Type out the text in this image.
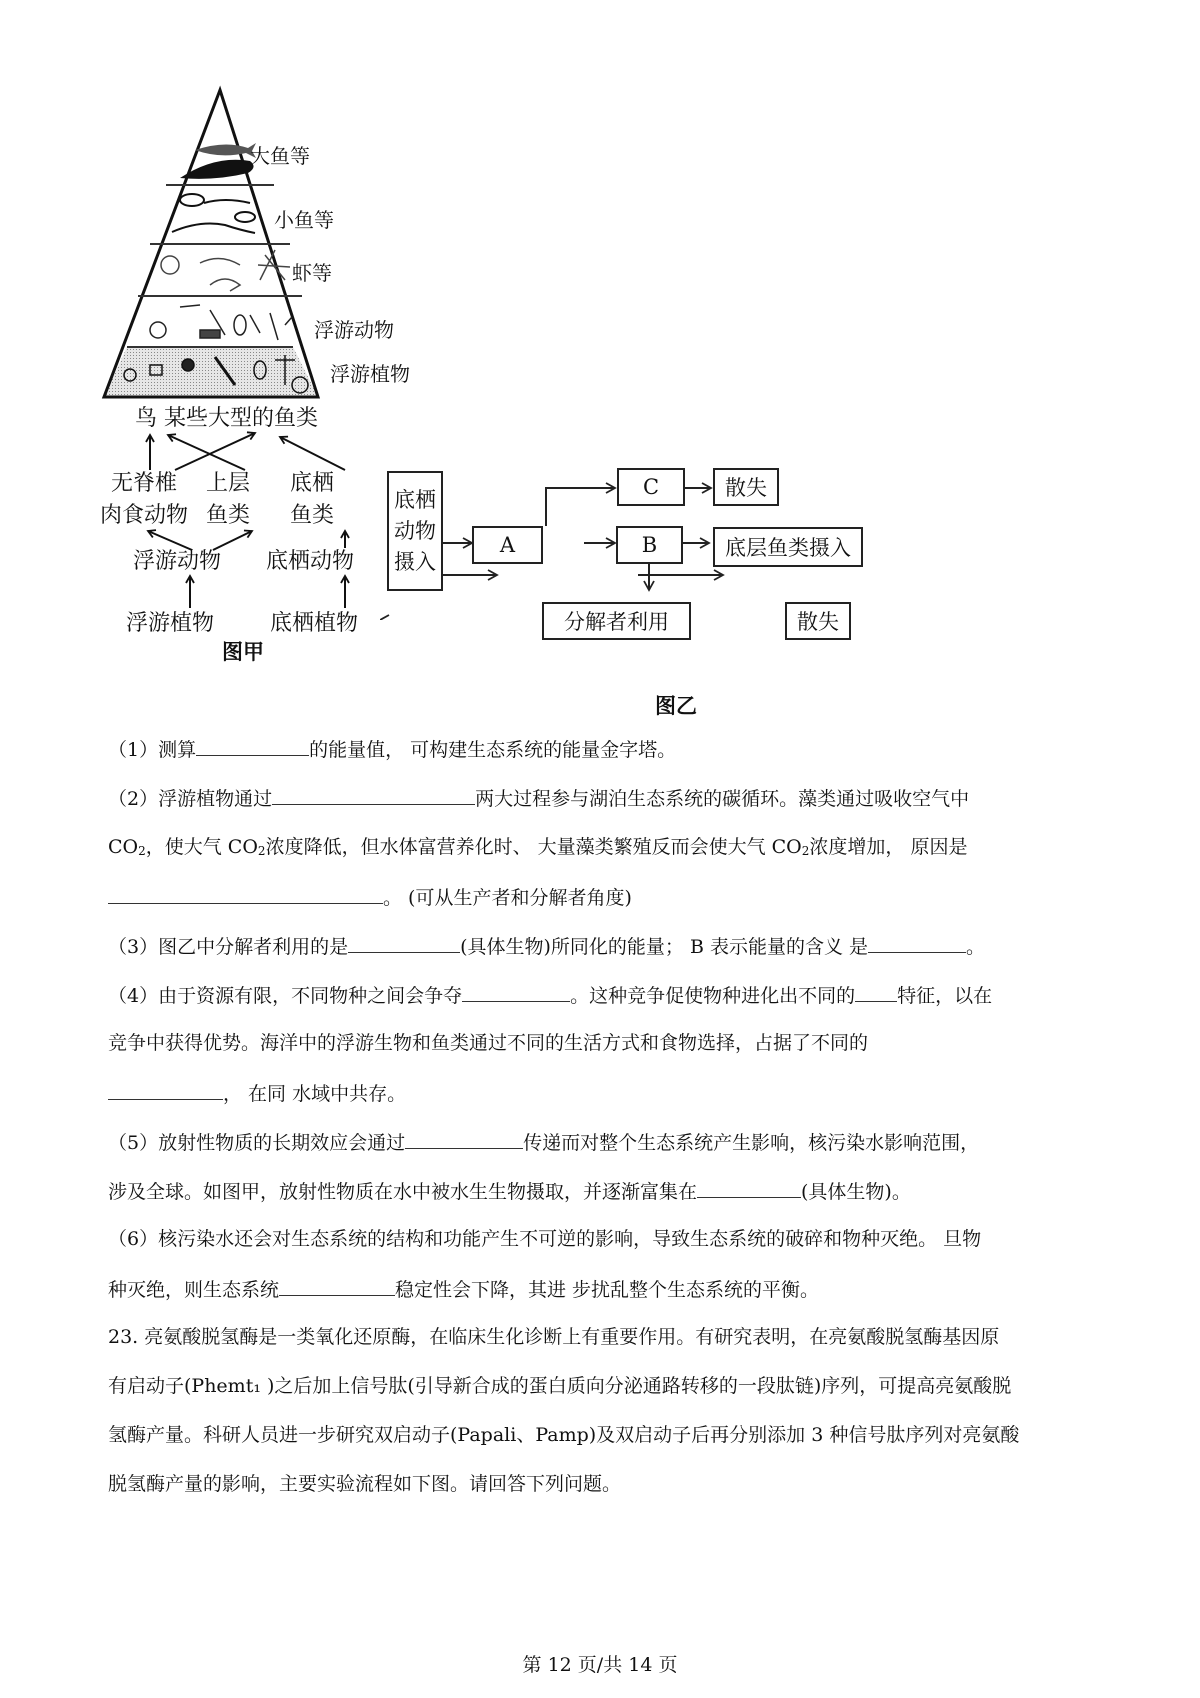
大鱼等
小鱼等
虾等
浮游动物
浮游植物
鸟 某些大型的鱼类
无脊椎
肉食动物
上层
鱼类
底栖
鱼类
浮游动物 底栖动物
浮游植物	底栖植物
图甲
底栖
动物
摄入
A	B
C	散失
底层鱼类摄入
分解者利用	散失
图乙
（1）测算	的能量值， 可构建生态系统的能量金字塔。
（2）浮游植物通过	两大过程参与湖泊生态系统的碳循环。藻类通过吸收空气中
$CO_2$，使大气 $CO_2$浓度降低，但水体富营养化时、 大量藻类繁殖反而会使大气 $CO_2$浓度增加， 原因是
。 (可从生产者和分解者角度)
（3）图乙中分解者利用的是	(具体生物)所同化的能量； B 表示能量的含义 是	。
（4）由于资源有限，不同物种之间会争夺	。这种竞争促使物种进化出不同的 特征，以在
竞争中获得优势。海洋中的浮游生物和鱼类通过不同的生活方式和食物选择，占据了不同的
， 在同 水域中共存。
（5）放射性物质的长期效应会通过	传递而对整个生态系统产生影响，核污染水影响范围，
涉及全球。如图甲，放射性物质在水中被水生生物摄取，并逐渐富集在	(具体生物)。
（6）核污染水还会对生态系统的结构和功能产生不可逆的影响，导致生态系统的破碎和物种灭绝。 旦物
种灭绝，则生态系统	稳定性会下降，其进 步扰乱整个生态系统的平衡。
23. 亮氨酸脱氢酶是一类氧化还原酶，在临床生化诊断上有重要作用。有研究表明，在亮氨酸脱氢酶基因原
有启动子(Phemt₁ )之后加上信号肽(引导新合成的蛋白质向分泌通路转移的一段肽链)序列，可提高亮氨酸脱
氢酶产量。科研人员进一步研究双启动子(Papali、Pamp)及双启动子后再分别添加 3 种信号肽序列对亮氨酸
脱氢酶产量的影响，主要实验流程如下图。请回答下列问题。
第 12 页/共 14 页
